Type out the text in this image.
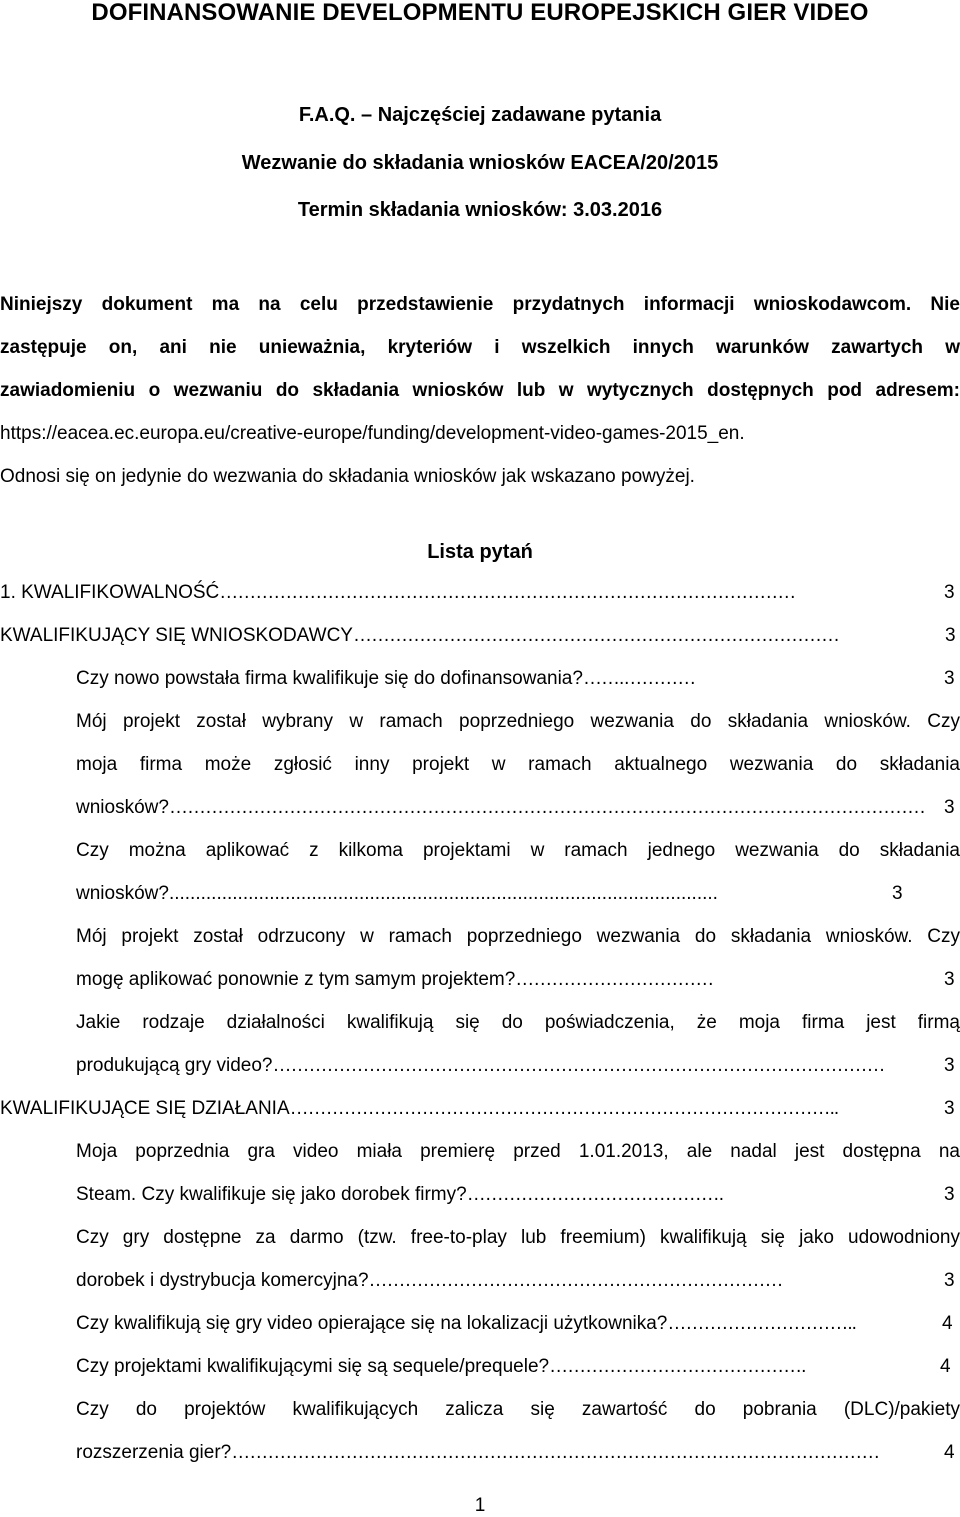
DOFINANSOWANIE DEVELOPMENTU EUROPEJSKICH GIER VIDEO
F.A.Q. – Najczęściej zadawane pytania
Wezwanie do składania wniosków EACEA/20/2015
Termin składania wniosków: 3.03.2016
Niniejszy dokument ma na celu przedstawienie przydatnych informacji wnioskodawcom. Nie
zastępuje on, ani nie unieważnia, kryteriów i wszelkich innych warunków zawartych w
zawiadomieniu o wezwaniu do składania wniosków lub w wytycznych dostępnych pod adresem:
https://eacea.ec.europa.eu/creative-europe/funding/development-video-games-2015_en.
Odnosi się on jedynie do wezwania do składania wniosków jak wskazano powyżej.
Lista pytań
1. KWALIFIKOWALNOŚĆ……………………………………………………………………………………	3
KWALIFIKUJĄCY SIĘ WNIOSKODAWCY………………………………………………………………………	3
Czy nowo powstała firma kwalifikuje się do dofinansowania?…….…………	3
Mój projekt został wybrany w ramach poprzedniego wezwania do składania wniosków. Czy
moja firma może zgłosić inny projekt w ramach aktualnego wezwania do składania
wniosków?……………………………………………………………………………………………………………… 3
Czy można aplikować z kilkoma projektami w ramach jednego wezwania do składania
wniosków?........................................................................................................	3
Mój projekt został odrzucony w ramach poprzedniego wezwania do składania wniosków. Czy
mogę aplikować ponownie z tym samym projektem?……………………………	3
Jakie rodzaje działalności kwalifikują się do poświadczenia, że moja firma jest firmą
produkującą gry video?…………………………………………………………………………………………	3
KWALIFIKUJĄCE SIĘ DZIAŁANIA………………………………………………………………………………..	3
Moja poprzednia gra video miała premierę przed 1.01.2013, ale nadal jest dostępna na
Steam. Czy kwalifikuje się jako dorobek firmy?…………………………………….	3
Czy gry dostępne za darmo (tzw. free-to-play lub freemium) kwalifikują się jako udowodniony
dorobek i dystrybucja komercyjna?……………………………………………………………	3
Czy kwalifikują się gry video opierające się na lokalizacji użytkownika?…………………………..	4
Czy projektami kwalifikującymi się są sequele/prequele?…………………………………….	4
Czy do projektów kwalifikujących zalicza się zawartość do pobrania (DLC)/pakiety
rozszerzenia gier?………………………………………………………………………………………………	4
1
